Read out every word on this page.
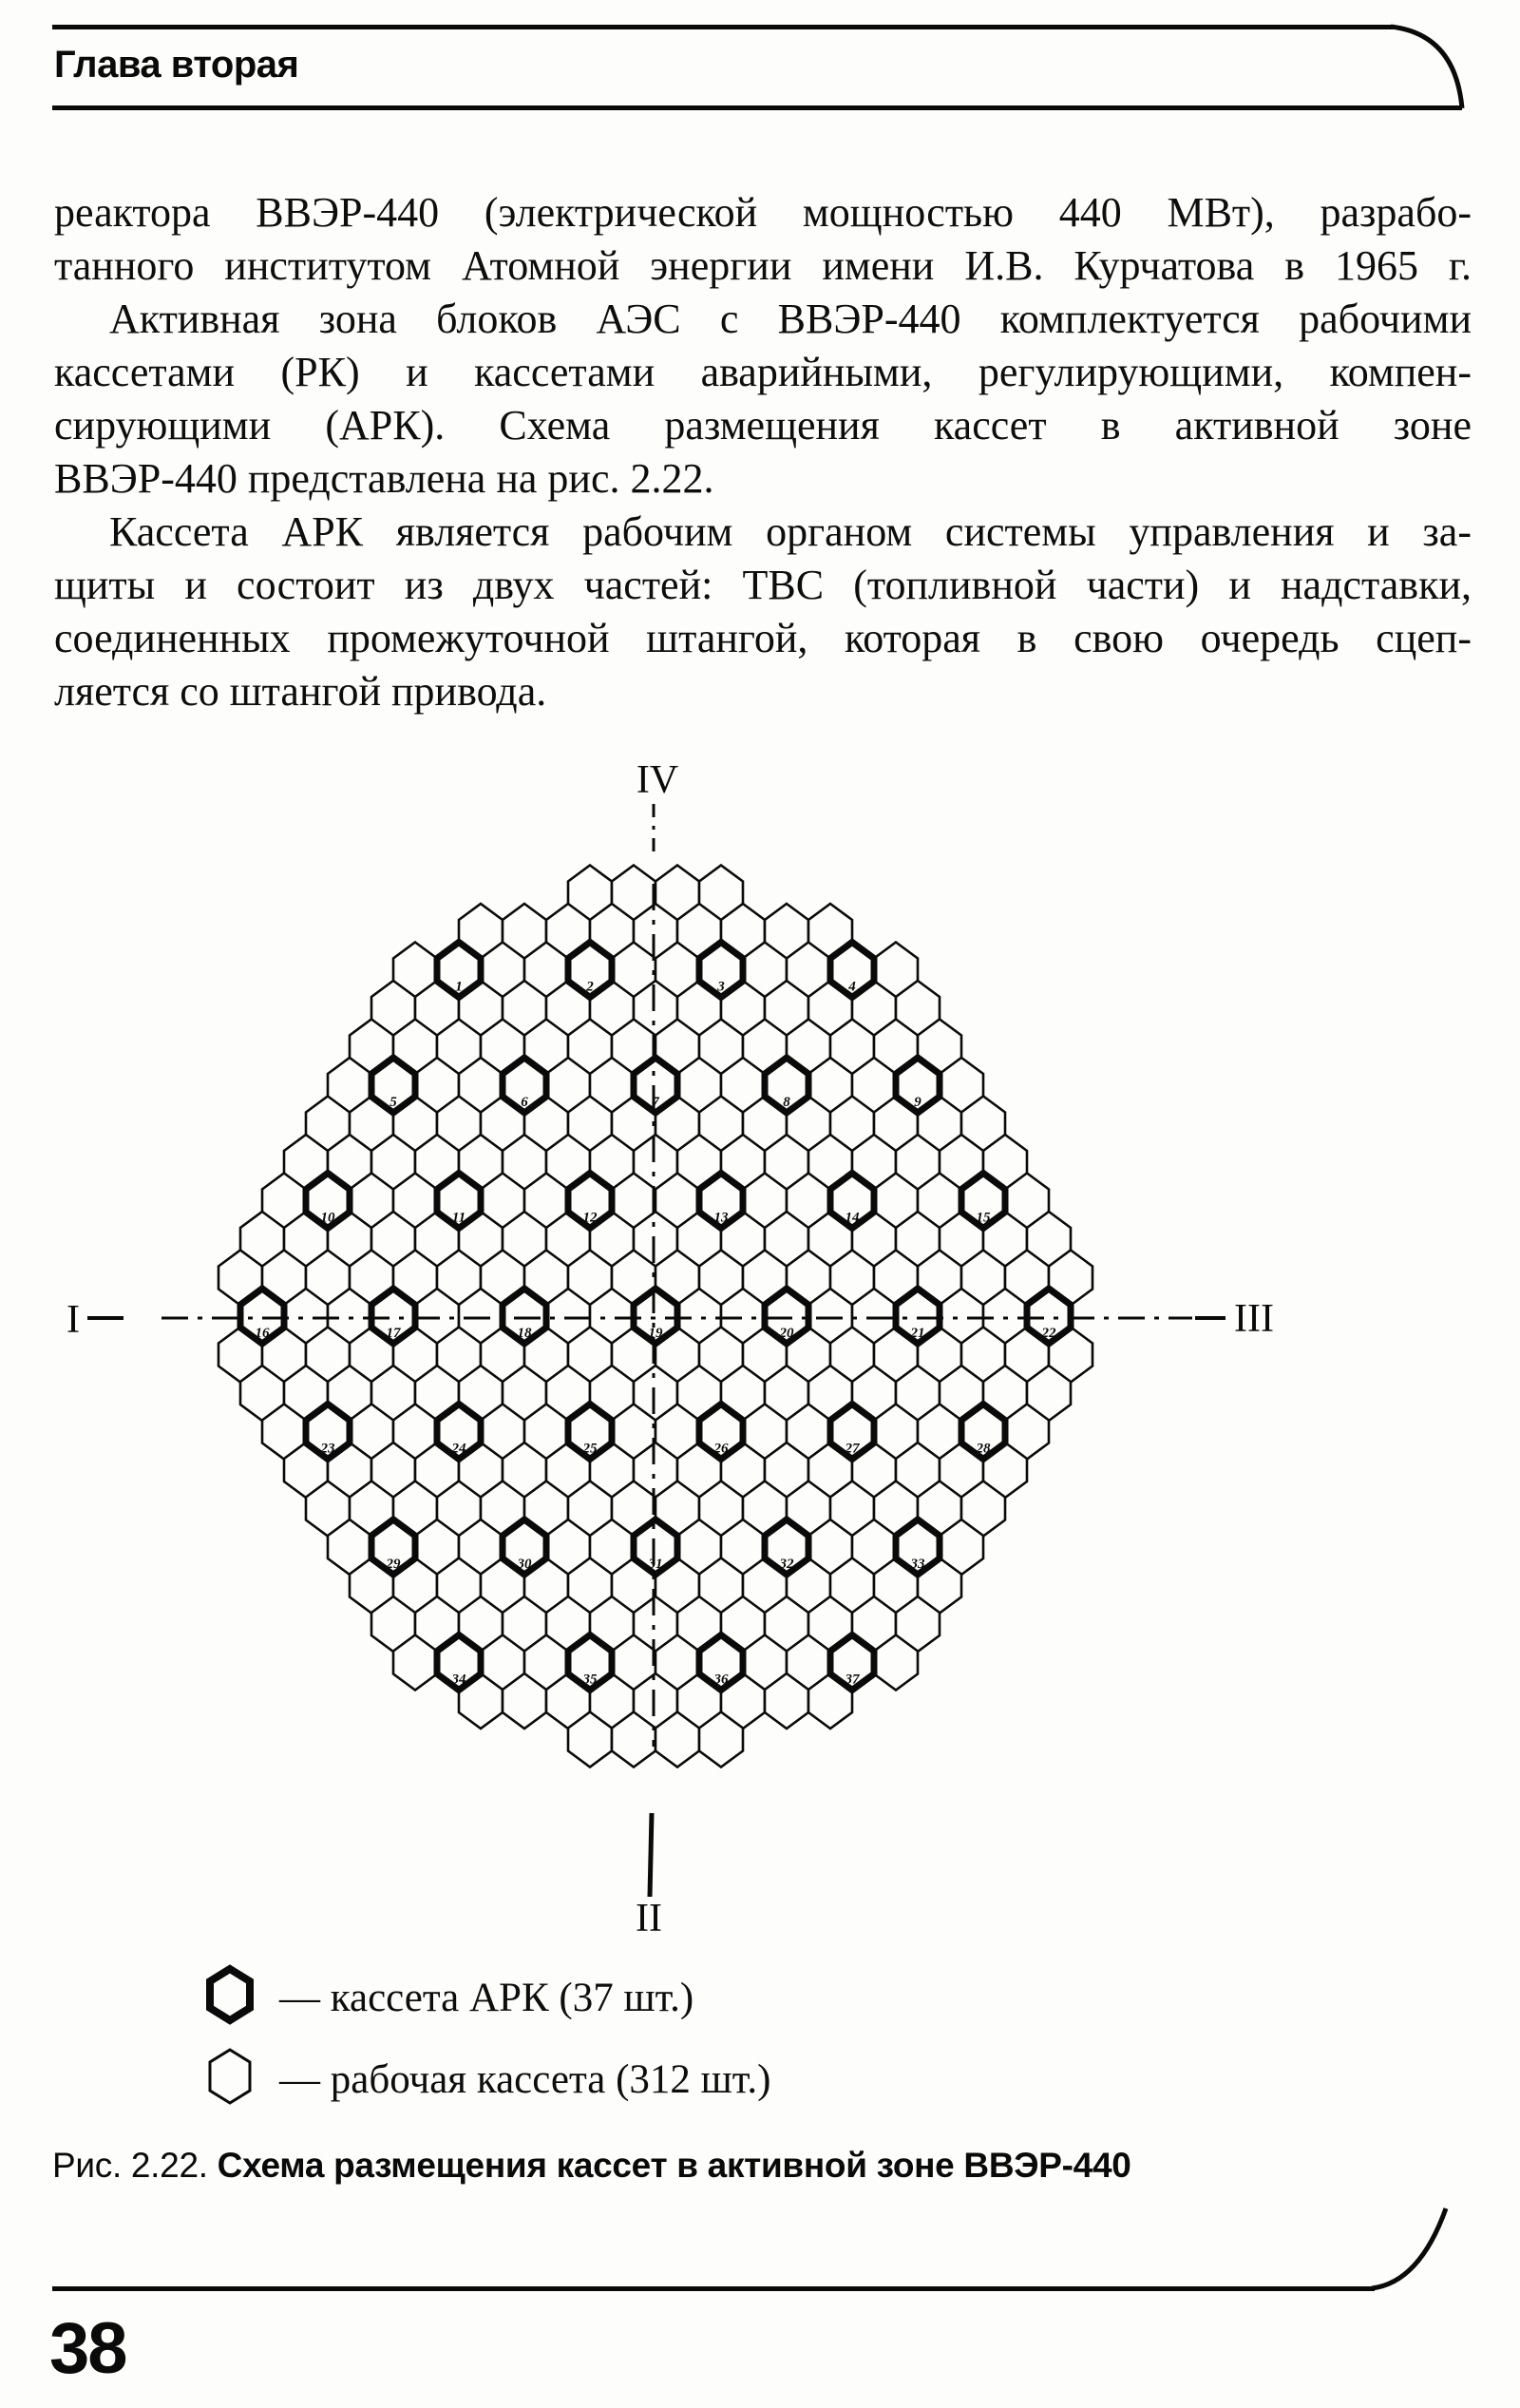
Глава вторая
реактора ВВЭР-440 (электрической мощностью 440 МВт), разрабо-
танного институтом Атомной энергии имени И.В. Курчатова в 1965 г.
Активная зона блоков АЭС с ВВЭР-440 комплектуется рабочими
кассетами (РК) и кассетами аварийными, регулирующими, компен-
сирующими (АРК). Схема размещения кассет в активной зоне
ВВЭР-440 представлена на рис. 2.22.
Кассета АРК является рабочим органом системы управления и за-
щиты и состоит из двух частей: ТВС (топливной части) и надставки,
соединенных промежуточной штангой, которая в свою очередь сцеп-
ляется со штангой привода.
IV
II
I	III
1	2	3	4
5	6	7	8	9
10	11	12	13	14	15
16	17	18	19	20	21	22
23	24	25	26	27	28
29	30	31	32	33
34	35	36	37
— кассета АРК (37 шт.)
— рабочая кассета (312 шт.)
Рис. 2.22. Схема размещения кассет в активной зоне ВВЭР-440
38
